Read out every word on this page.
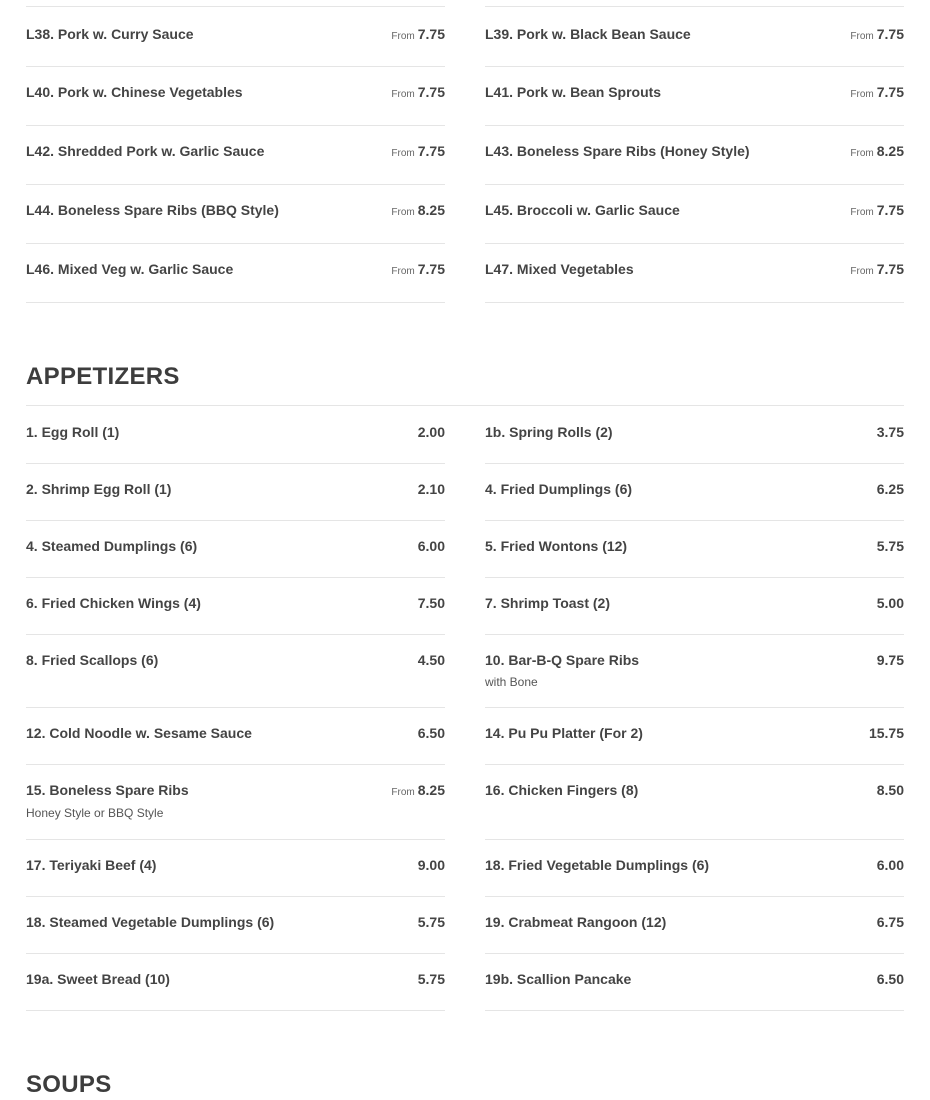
L38. Pork w. Curry Sauce	From 7.75	L39. Pork w. Black Bean Sauce	From 7.75
L40. Pork w. Chinese Vegetables	From 7.75	L41. Pork w. Bean Sprouts	From 7.75
L42. Shredded Pork w. Garlic Sauce	From 7.75	L43. Boneless Spare Ribs (Honey Style)	From 8.25
L44. Boneless Spare Ribs (BBQ Style)	From 8.25	L45. Broccoli w. Garlic Sauce	From 7.75
L46. Mixed Veg w. Garlic Sauce	From 7.75	L47. Mixed Vegetables	From 7.75
APPETIZERS
1. Egg Roll (1)	2.00	1b. Spring Rolls (2)	3.75
2. Shrimp Egg Roll (1)	2.10	4. Fried Dumplings (6)	6.25
4. Steamed Dumplings (6)	6.00	5. Fried Wontons (12)	5.75
6. Fried Chicken Wings (4)	7.50	7. Shrimp Toast (2)	5.00
8. Fried Scallops (6)	4.50	10. Bar-B-Q Spare Ribs	9.75
with Bone
12. Cold Noodle w. Sesame Sauce	6.50	14. Pu Pu Platter (For 2)	15.75
15. Boneless Spare Ribs	From 8.25
Honey Style or BBQ Style
16. Chicken Fingers (8)	8.50
17. Teriyaki Beef (4)	9.00	18. Fried Vegetable Dumplings (6)	6.00
18. Steamed Vegetable Dumplings (6)	5.75	19. Crabmeat Rangoon (12)	6.75
19a. Sweet Bread (10)	5.75	19b. Scallion Pancake	6.50
SOUPS
